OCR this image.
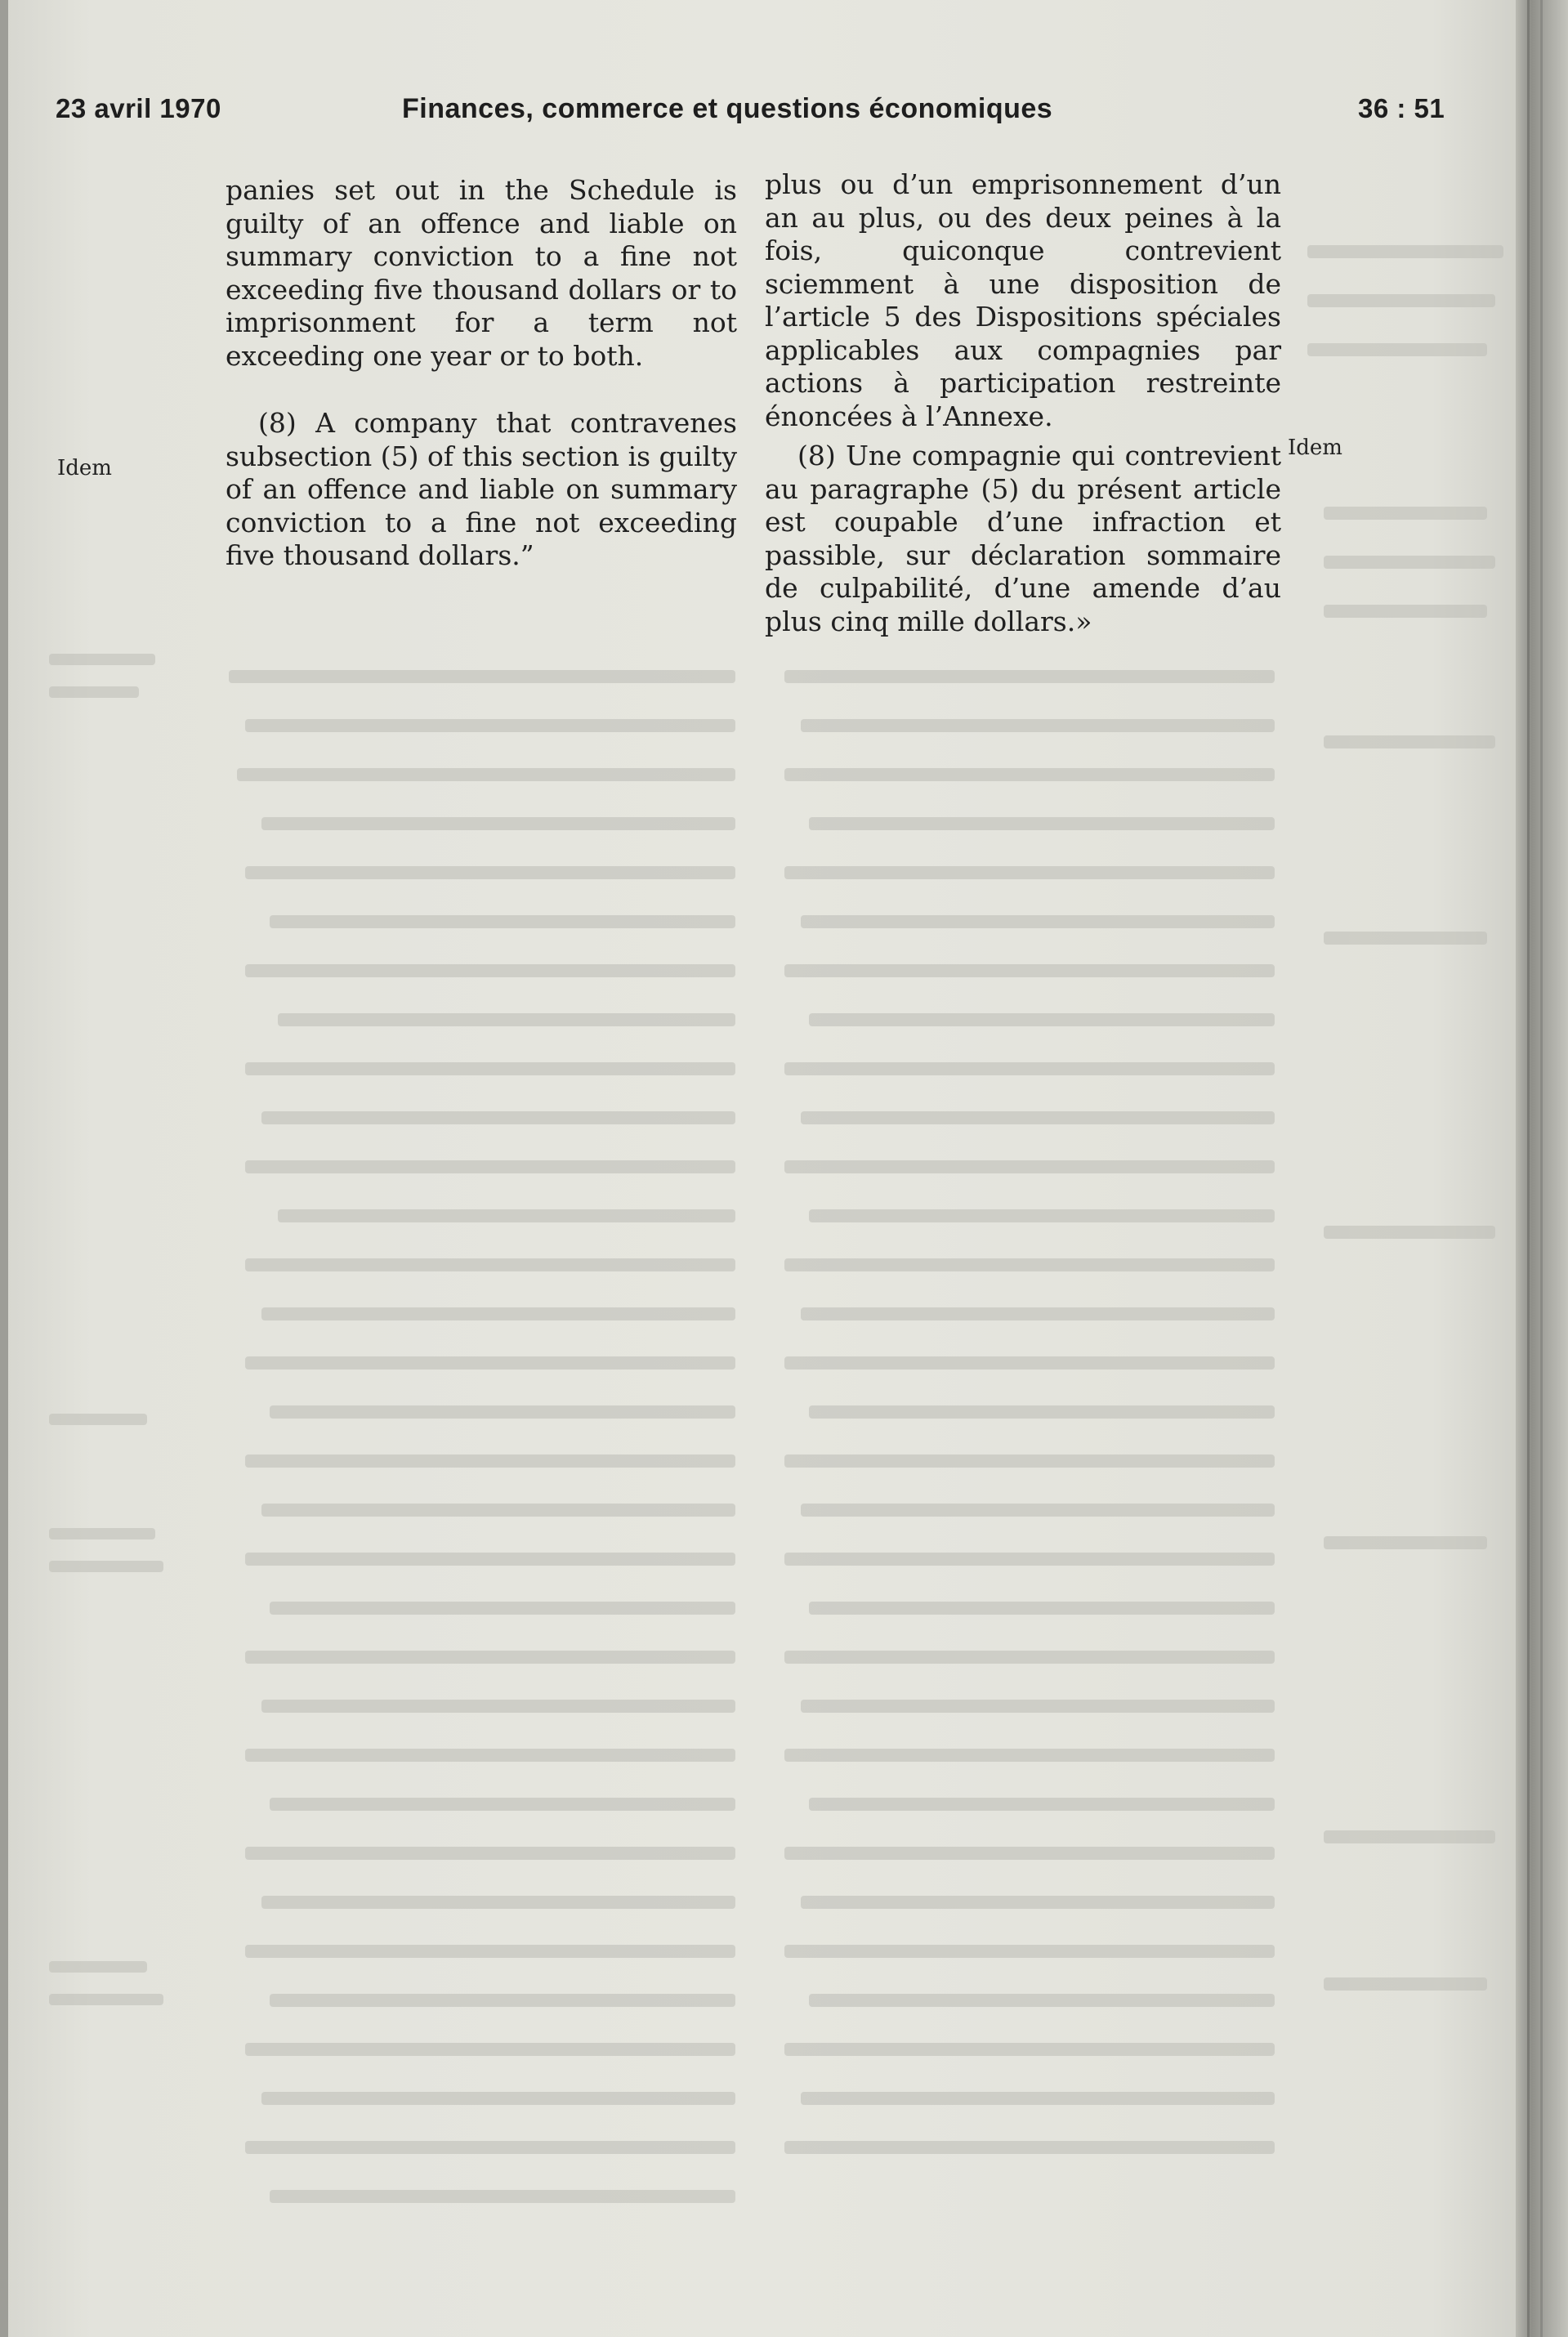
23 avril 1970	Finances, commerce et questions économiques	36 : 51

panies set out in the Schedule is guilty of an offence and liable on summary conviction to a fine not exceeding five thousand dollars or to imprisonment for a term not exceeding one year or to both.

(8) A company that contravenes subsection (5) of this section is guilty of an offence and liable on summary conviction to a fine not exceeding five thousand dollars.”

plus ou d’un emprisonnement d’un an au plus, ou des deux peines à la fois, quiconque contrevient sciemment à une disposition de l’article 5 des Dispositions spéciales applicables aux compagnies par actions à participation restreinte énoncées à l’Annexe.

(8) Une compagnie qui contrevient au paragraphe (5) du présent article est coupable d’une infraction et passible, sur déclaration sommaire de culpabilité, d’une amende d’au plus cinq mille dollars.»

Idem
Idem
